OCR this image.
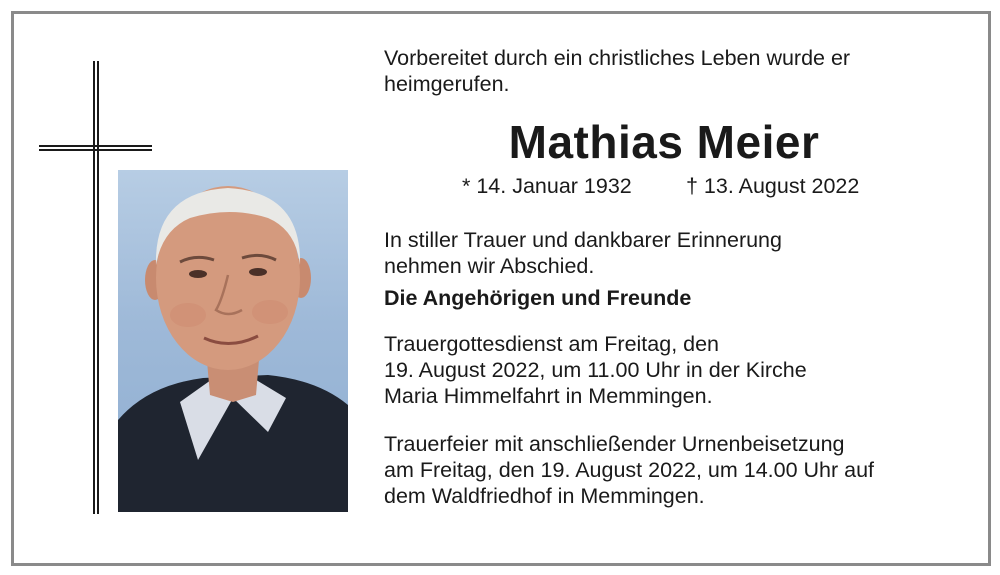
Vorbereitet durch ein christliches Leben wurde er
heimgerufen.
Mathias Meier
* 14. Januar 1932	† 13. August 2022
In stiller Trauer und dankbarer Erinnerung
nehmen wir Abschied.
Die Angehörigen und Freunde
Trauergottesdienst am Freitag, den
19. August 2022, um 11.00 Uhr in der Kirche
Maria Himmelfahrt in Memmingen.
Trauerfeier mit anschließender Urnenbeisetzung
am Freitag, den 19. August 2022, um 14.00 Uhr auf
dem Waldfriedhof in Memmingen.
